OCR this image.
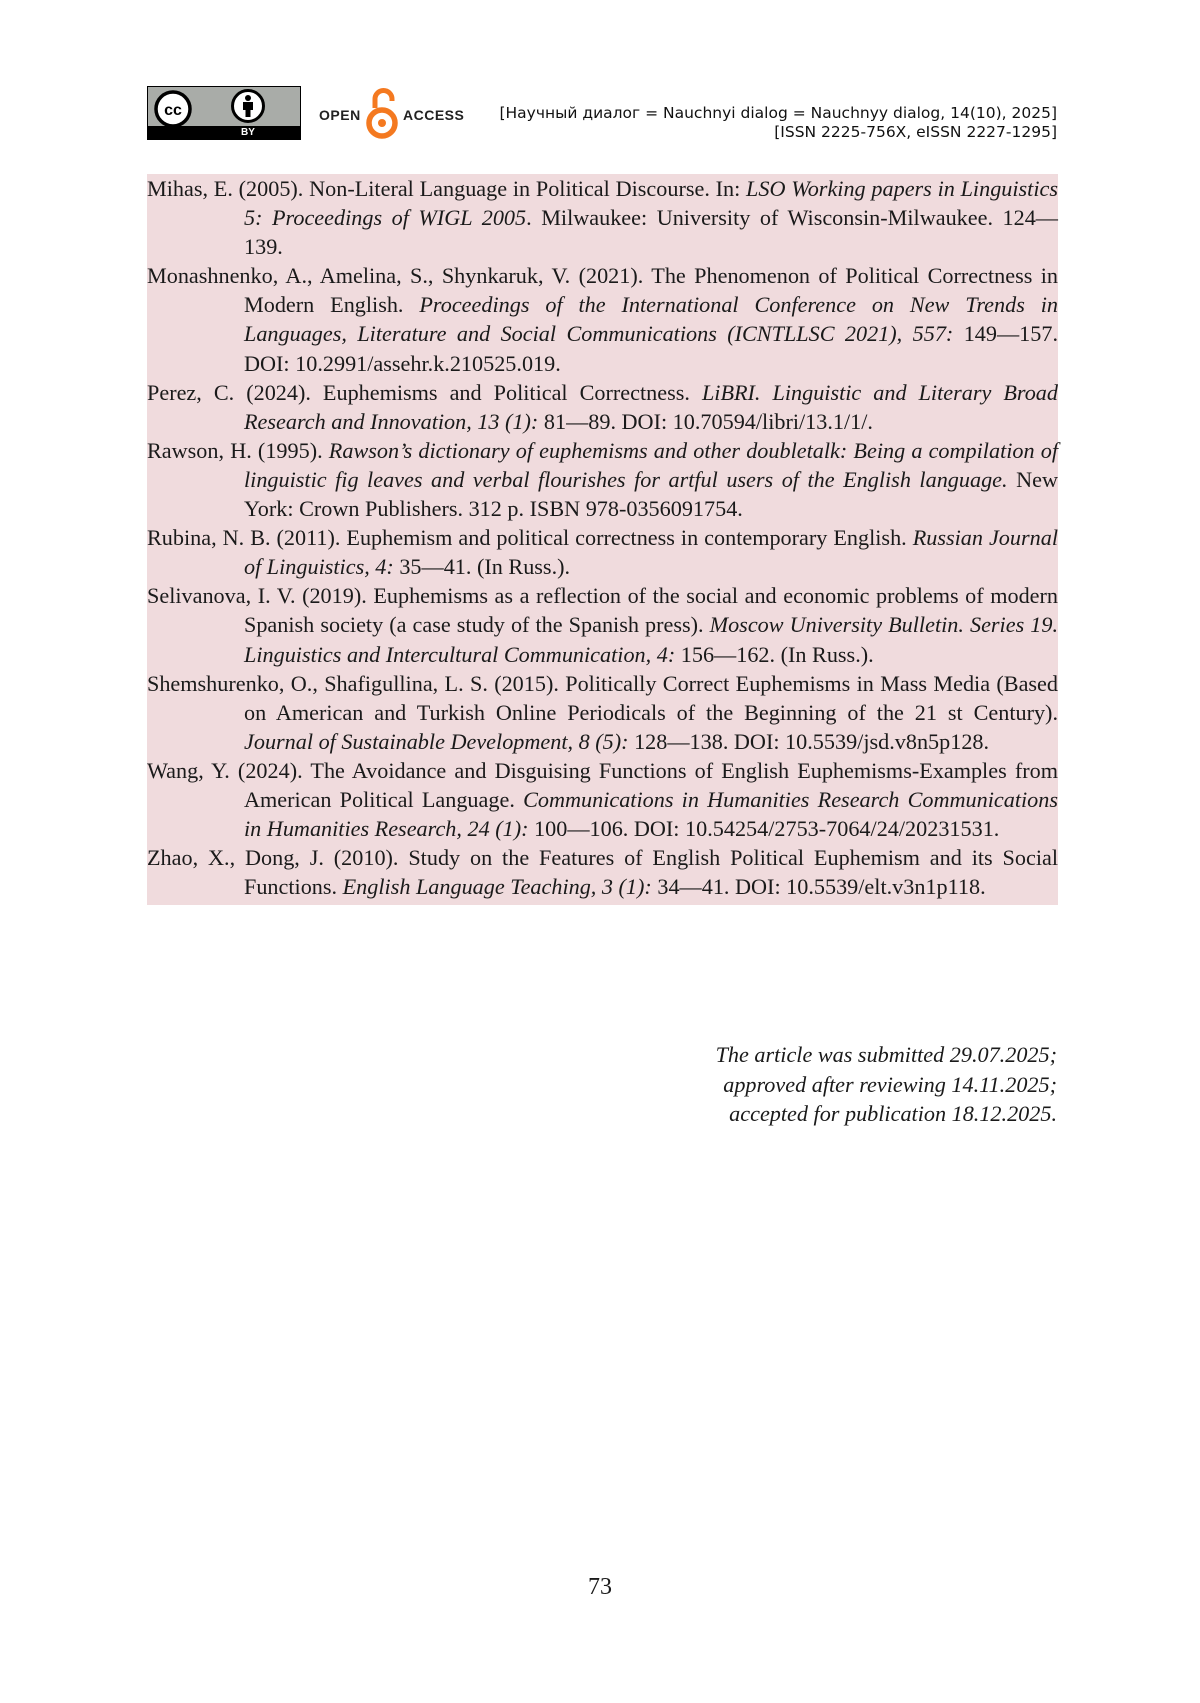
cc
BY
OPEN	ACCESS [Научный диалог = Nauchnyi dialog = Nauchnyy dialog, 14(10), 2025]
[ISSN 2225-756X, eISSN 2227-1295]

Mihas, E. (2005). Non-Literal Language in Political Discourse. In: LSO Working papers in Linguistics 5: Proceedings of WIGL 2005. Milwaukee: University of Wisconsin-Milwaukee. 124—139.

Monashnenko, A., Amelina, S., Shynkaruk, V. (2021). The Phenomenon of Political Correctness in Modern English. Proceedings of the International Conference on New Trends in Languages, Literature and Social Communications (ICNTLLSC 2021), 557: 149—157. DOI: 10.2991/assehr.k.210525.019.

Perez, C. (2024). Euphemisms and Political Correctness. LiBRI. Linguistic and Literary Broad Research and Innovation, 13 (1): 81—89. DOI: 10.70594/libri/13.1/1/.

Rawson, H. (1995). Rawson’s dictionary of euphemisms and other doubletalk: Being a compilation of linguistic fig leaves and verbal flourishes for artful users of the English language. New York: Crown Publishers. 312 p. ISBN 978-0356091754.

Rubina, N. B. (2011). Euphemism and political correctness in contemporary English. Russian Journal of Linguistics, 4: 35—41. (In Russ.).

Selivanova, I. V. (2019). Euphemisms as a reflection of the social and economic problems of modern Spanish society (a case study of the Spanish press). Moscow University Bulletin. Series 19. Linguistics and Intercultural Communication, 4: 156—162. (In Russ.).

Shemshurenko, O., Shafigullina, L. S. (2015). Politically Correct Euphemisms in Mass Media (Based on American and Turkish Online Periodicals of the Beginning of the 21 st Century). Journal of Sustainable Development, 8 (5): 128—138. DOI: 10.5539/jsd.v8n5p128.

Wang, Y. (2024). The Avoidance and Disguising Functions of English Euphemisms-Examples from American Political Language. Communications in Humanities Research Communications in Humanities Research, 24 (1): 100—106. DOI: 10.54254/2753-7064/24/20231531.

Zhao, X., Dong, J. (2010). Study on the Features of English Political Euphemism and its Social Functions. English Language Teaching, 3 (1): 34—41. DOI: 10.5539/elt.v3n1p118.

The article was submitted 29.07.2025;
approved after reviewing 14.11.2025;
accepted for publication 18.12.2025.
73
